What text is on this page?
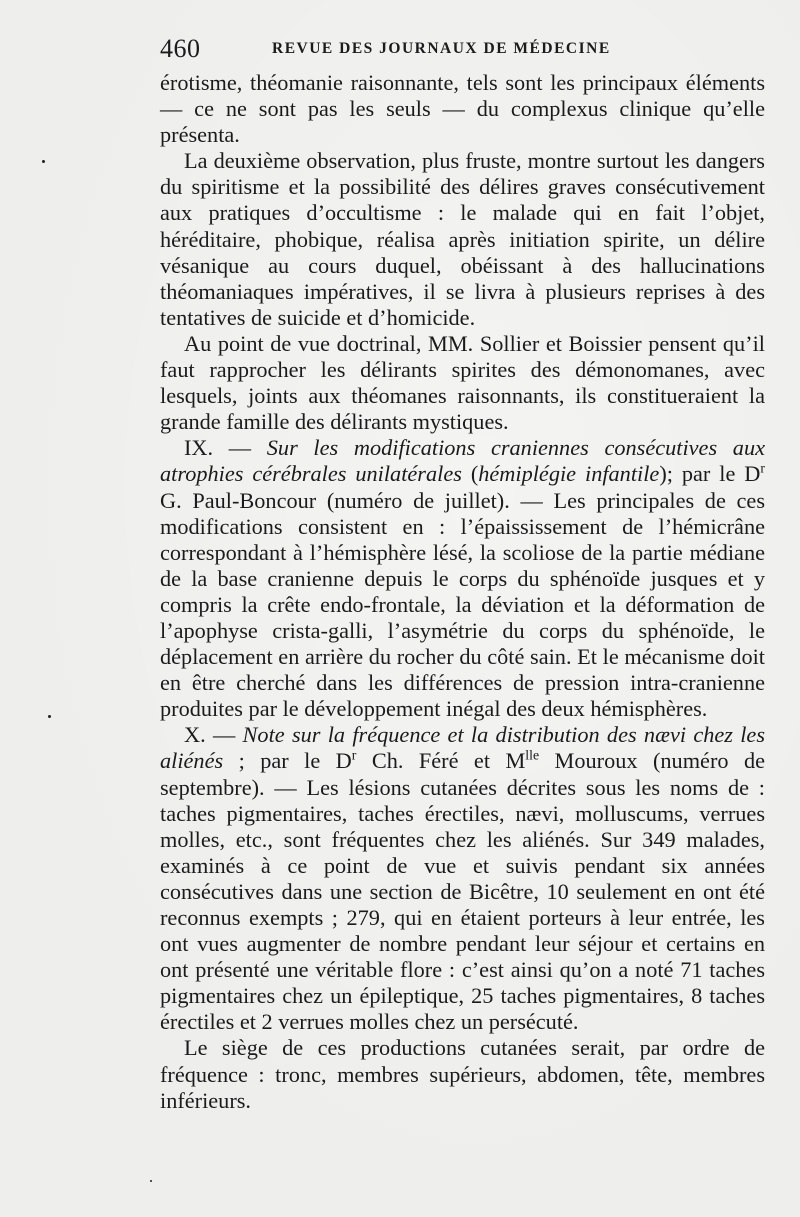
460	REVUE DES JOURNAUX DE MÉDECINE

érotisme, théomanie raisonnante, tels sont les principaux éléments — ce ne sont pas les seuls — du complexus clinique qu’elle présenta.

La deuxième observation, plus fruste, montre surtout les dangers du spiritisme et la possibilité des délires graves consécutivement aux pratiques d’occultisme : le malade qui en fait l’objet, héréditaire, phobique, réalisa après initiation spirite, un délire vésanique au cours duquel, obéissant à des hallucinations théomaniaques impératives, il se livra à plusieurs reprises à des tentatives de suicide et d’homicide.

Au point de vue doctrinal, MM. Sollier et Boissier pensent qu’il faut rapprocher les délirants spirites des démonomanes, avec lesquels, joints aux théomanes raisonnants, ils constitueraient la grande famille des délirants mystiques.

IX. — Sur les modifications craniennes consécutives aux atrophies cérébrales unilatérales (hémiplégie infantile); par le $D^r$ G. Paul-Boncour (numéro de juillet). — Les principales de ces modifications consistent en : l’épaississement de l’hémicrâne correspondant à l’hémisphère lésé, la scoliose de la partie médiane de la base cranienne depuis le corps du sphénoïde jusques et y compris la crête endo-frontale, la déviation et la déformation de l’apophyse crista-galli, l’asymétrie du corps du sphénoïde, le déplacement en arrière du rocher du côté sain. Et le mécanisme doit en être cherché dans les différences de pression intra-cranienne produites par le développement inégal des deux hémisphères.

X. — Note sur la fréquence et la distribution des nævi chez les aliénés ; par le $D^r$ Ch. Féré et $M^{lle}$ Mouroux (numéro de septembre). — Les lésions cutanées décrites sous les noms de : taches pigmentaires, taches érectiles, nævi, molluscums, verrues molles, etc., sont fréquentes chez les aliénés. Sur 349 malades, examinés à ce point de vue et suivis pendant six années consécutives dans une section de Bicêtre, 10 seulement en ont été reconnus exempts ; 279, qui en étaient porteurs à leur entrée, les ont vues augmenter de nombre pendant leur séjour et certains en ont présenté une véritable flore : c’est ainsi qu’on a noté 71 taches pigmentaires chez un épileptique, 25 taches pigmentaires, 8 taches érectiles et 2 verrues molles chez un persécuté.

Le siège de ces productions cutanées serait, par ordre de fréquence : tronc, membres supérieurs, abdomen, tête, membres inférieurs.
